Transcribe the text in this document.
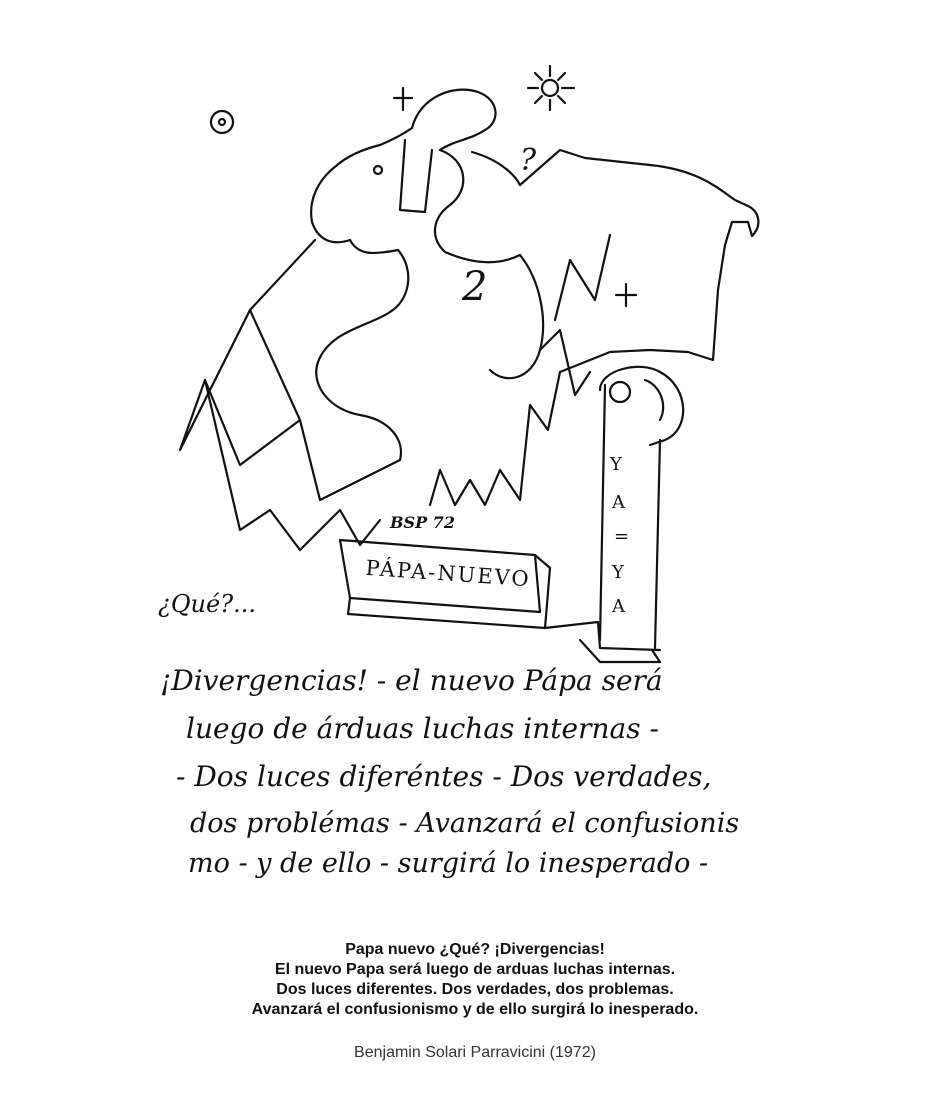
2
?
PÁPA-NUEVO
Y
A
=
Y
A
BSP 72
¿Qué?...
¡Divergencias! - el nuevo Pápa será
luego de árduas luchas internas -
- Dos luces diferéntes - Dos verdades,
dos problémas - Avanzará el confusionis
mo - y de ello - surgirá lo inesperado -
Papa nuevo ¿Qué? ¡Divergencias!
El nuevo Papa será luego de arduas luchas internas.
Dos luces diferentes. Dos verdades, dos problemas.
Avanzará el confusionismo y de ello surgirá lo inesperado.
Benjamin Solari Parravicini (1972)
